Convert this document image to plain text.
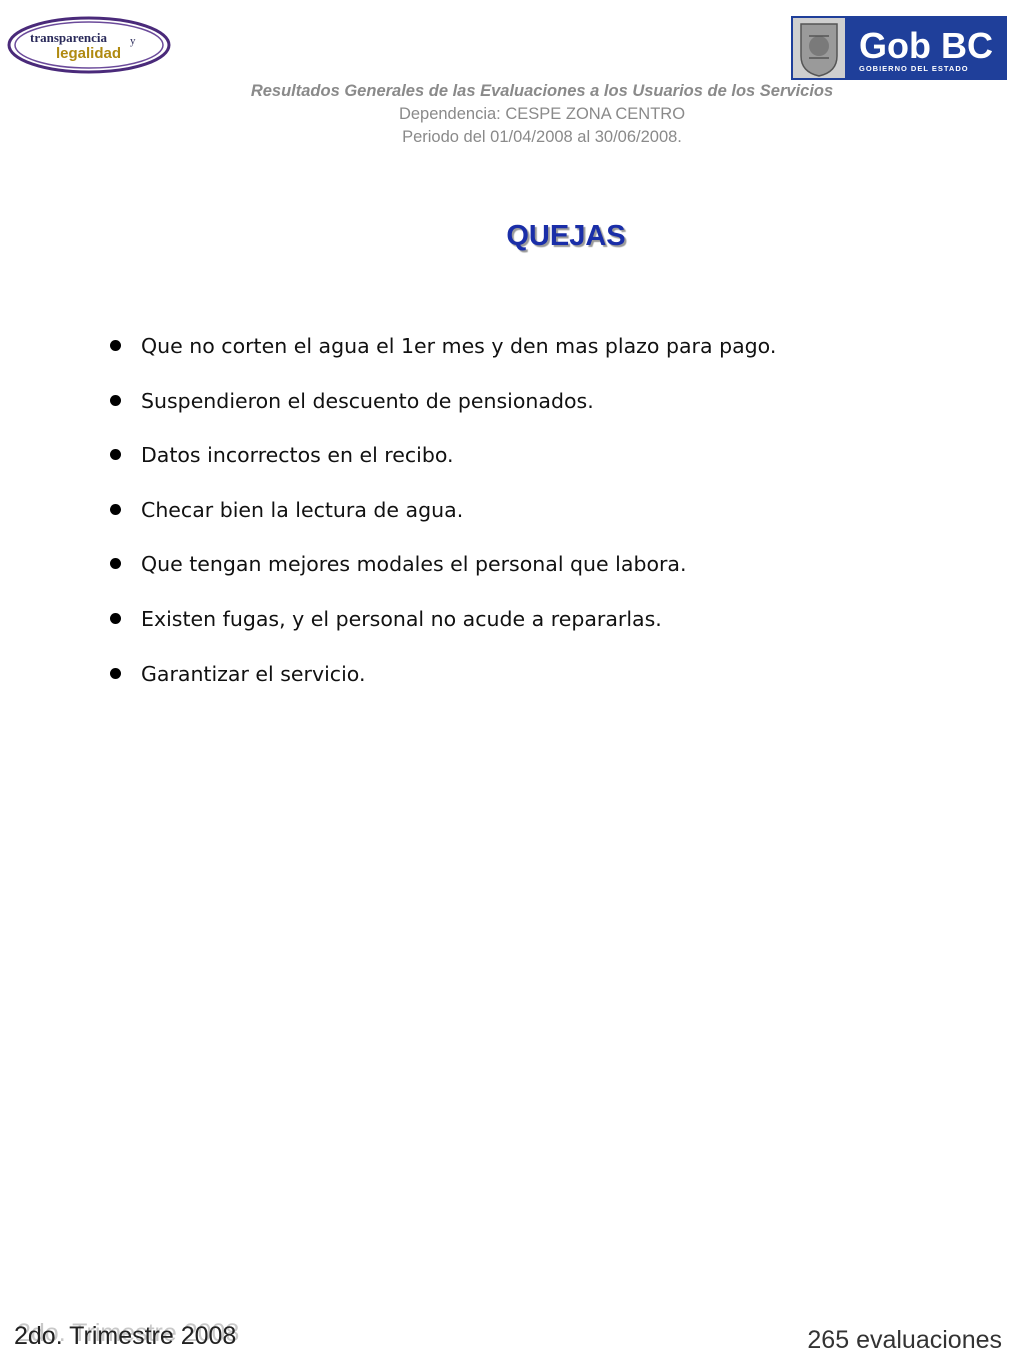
transparencia y
legalidad	Gob BC
GOBIERNO DEL ESTADO
Resultados Generales de las Evaluaciones a los Usuarios de los Servicios
Dependencia: CESPE ZONA CENTRO
Periodo del 01/04/2008 al 30/06/2008.
QUEJAS
Que no corten el agua el 1er mes y den mas plazo para pago.
Suspendieron el descuento de pensionados.
Datos incorrectos en el recibo.
Checar bien la lectura de agua.
Que tengan mejores modales el personal que labora.
Existen fugas, y el personal no acude a repararlas.
Garantizar el servicio.
2do. Trimestre 2008	265 evaluaciones
